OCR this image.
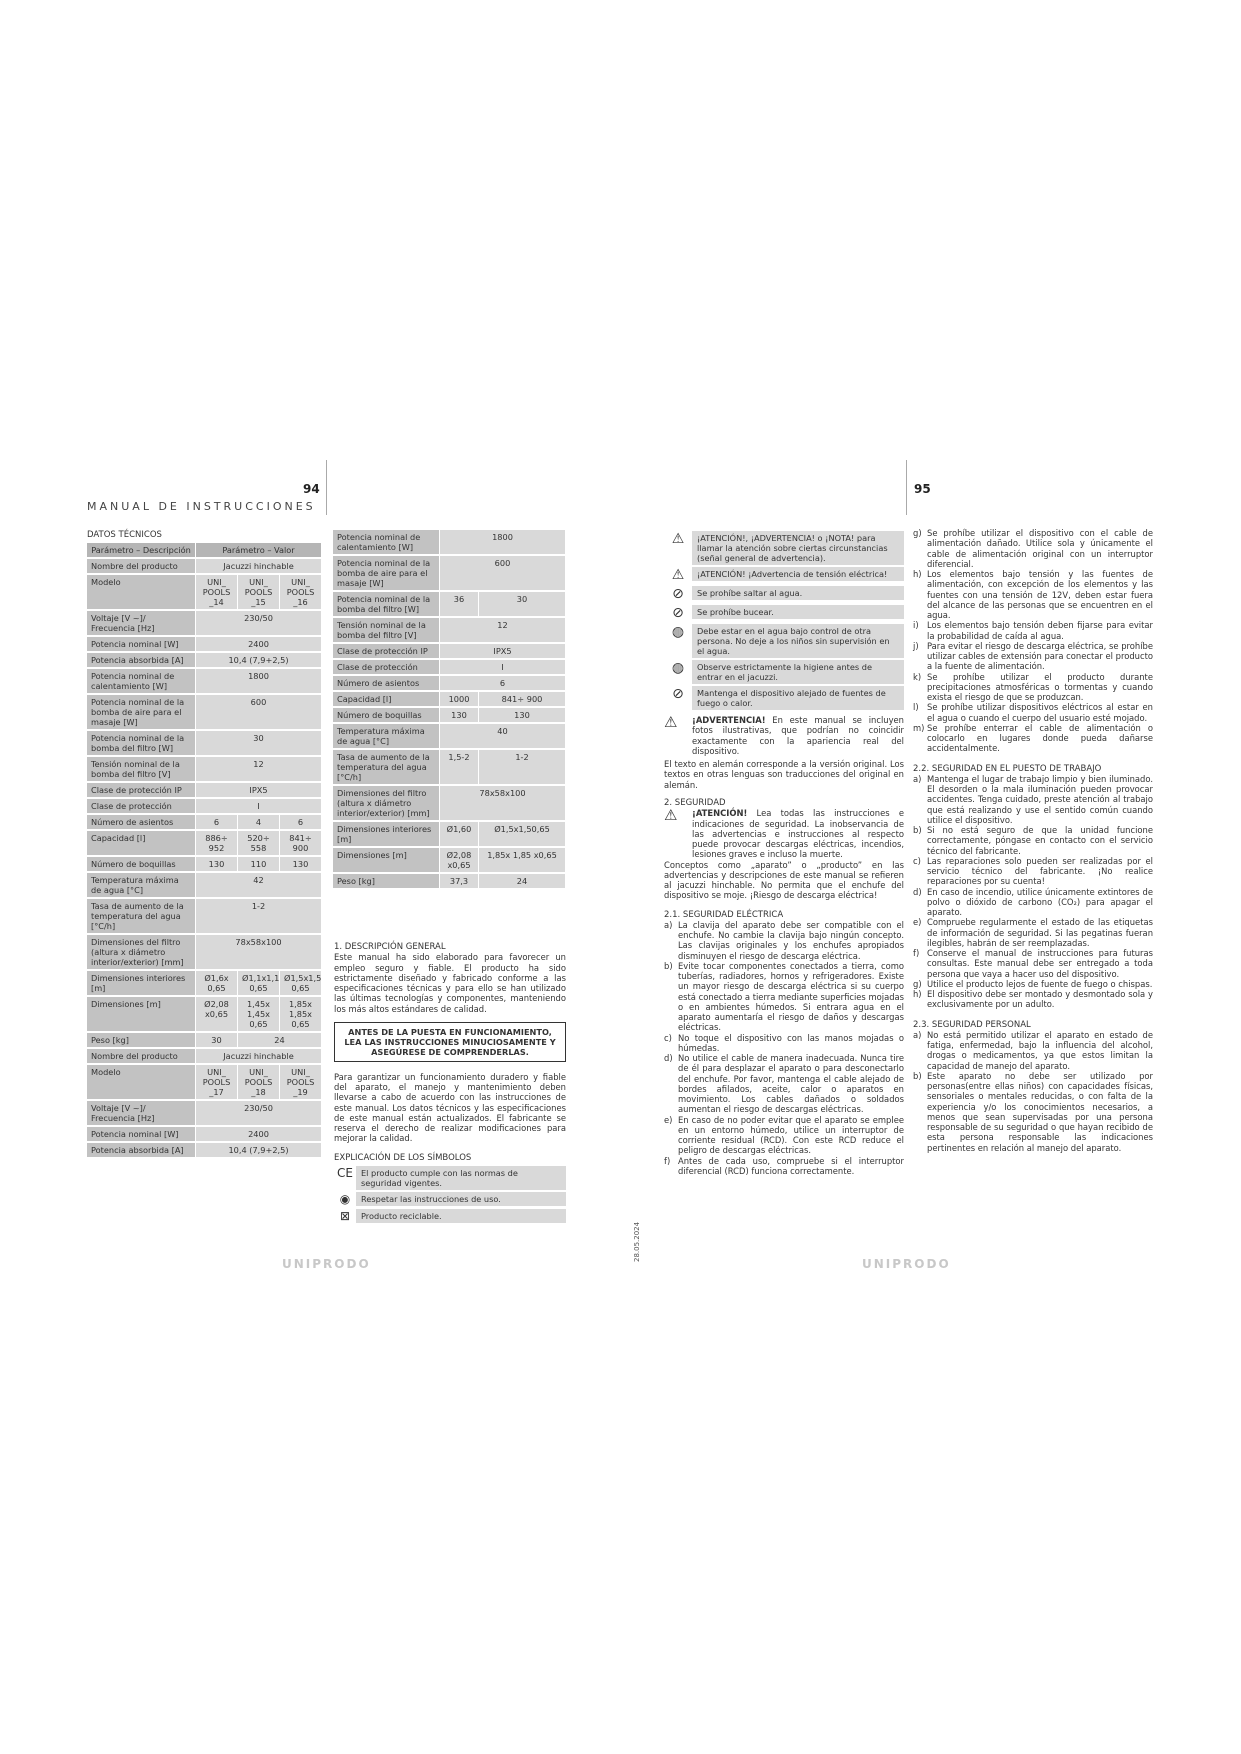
94
MANUAL DE INSTRUCCIONES
DATOS TÉCNICOS
Parámetro – Descripción	Parámetro – Valor		
Nombre del producto	Jacuzzi hinchable		
Modelo	UNI_ POOLS _14	UNI_ POOLS _15	UNI_ POOLS _16
Voltaje [V ~]/ Frecuencia [Hz]	230/50		
Potencia nominal [W]	2400		
Potencia absorbida [A]	10,4 (7,9+2,5)		
Potencia nominal de calentamiento [W]	1800		
Potencia nominal de la bomba de aire para el masaje [W]	600		
Potencia nominal de la bomba del filtro [W]	30		
Tensión nominal de la bomba del filtro [V]	12		
Clase de protección IP	IPX5		
Clase de protección	I		
Número de asientos	6	4	6
Capacidad [l]	886÷ 952	520÷ 558	841÷ 900
Número de boquillas	130	110	130
Temperatura máxima de agua [°C]	42		
Tasa de aumento de la temperatura del agua [°C/h]	1-2		
Dimensiones del filtro (altura x diámetro interior/exterior) [mm]	78x58x100		
Dimensiones interiores [m]	Ø1,6x 0,65	Ø1,1x1,1 0,65	Ø1,5x1,5 0,65
Dimensiones [m]	Ø2,08 x0,65	1,45x 1,45x 0,65	1,85x 1,85x 0,65
Peso [kg]	30	24	
Nombre del producto	Jacuzzi hinchable		
Modelo	UNI_ POOLS _17	UNI_ POOLS _18	UNI_ POOLS _19
Voltaje [V ~]/ Frecuencia [Hz]	230/50		
Potencia nominal [W]	2400		
Potencia absorbida [A]	10,4 (7,9+2,5)		
Potencia nominal de calentamiento [W]	1800	
Potencia nominal de la bomba de aire para el masaje [W]	600	
Potencia nominal de la bomba del filtro [W]	36	30
Tensión nominal de la bomba del filtro [V]	12	
Clase de protección IP	IPX5	
Clase de protección	I	
Número de asientos	6	
Capacidad [l]	1000	841÷ 900
Número de boquillas	130	130
Temperatura máxima de agua [°C]	40	
Tasa de aumento de la temperatura del agua [°C/h]	1,5-2	1-2
Dimensiones del filtro (altura x diámetro interior/exterior) [mm]	78x58x100	
Dimensiones interiores [m]	Ø1,60	Ø1,5x1,50,65
Dimensiones [m]	Ø2,08 x0,65	1,85x 1,85 x0,65
Peso [kg]	37,3	24
1. DESCRIPCIÓN GENERAL
Este manual ha sido elaborado para favorecer un empleo seguro y fiable. El producto ha sido estrictamente diseñado y fabricado conforme a las especificaciones técnicas y para ello se han utilizado las últimas tecnologías y componentes, manteniendo los más altos estándares de calidad.
ANTES DE LA PUESTA EN FUNCIONAMIENTO, LEA LAS INSTRUCCIONES MINUCIOSAMENTE Y ASEGÚRESE DE COMPRENDERLAS.
Para garantizar un funcionamiento duradero y fiable del aparato, el manejo y mantenimiento deben llevarse a cabo de acuerdo con las instrucciones de este manual. Los datos técnicos y las especificaciones de este manual están actualizados. El fabricante se reserva el derecho de realizar modificaciones para mejorar la calidad.
EXPLICACIÓN DE LOS SÍMBOLOS
CE El producto cumple con las normas de seguridad vigentes.
◉	Respetar las instrucciones de uso.
⊠	Producto reciclable.
UNIPRODO
95
28.05.2024
⚠	¡ATENCIÓN!, ¡ADVERTENCIA! o ¡NOTA! para llamar la atención sobre ciertas circunstancias (señal general de advertencia).
⚠	¡ATENCIÓN! ¡Advertencia de tensión eléctrica!
⊘	Se prohíbe saltar al agua.
⊘	Se prohíbe bucear.
◍	Debe estar en el agua bajo control de otra persona. No deje a los niños sin supervisión en el agua.
◍	Observe estrictamente la higiene antes de entrar en el jacuzzi.
⊘	Mantenga el dispositivo alejado de fuentes de fuego o calor.
⚠	¡ADVERTENCIA! En este manual se incluyen fotos ilustrativas, que podrían no coincidir exactamente con la apariencia real del dispositivo.
El texto en alemán corresponde a la versión original. Los textos en otras lenguas son traducciones del original en alemán.
2. SEGURIDAD
⚠	¡ATENCIÓN! Lea todas las instrucciones e indicaciones de seguridad. La inobservancia de las advertencias e instrucciones al respecto puede provocar descargas eléctricas, incendios, lesiones graves e incluso la muerte.
Conceptos como „aparato” o „producto” en las advertencias y descripciones de este manual se refieren al jacuzzi hinchable. No permita que el enchufe del dispositivo se moje. ¡Riesgo de descarga eléctrica!
2.1. SEGURIDAD ELÉCTRICA
a) La clavija del aparato debe ser compatible con el enchufe. No cambie la clavija bajo ningún concepto. Las clavijas originales y los enchufes apropiados disminuyen el riesgo de descarga eléctrica.
b) Evite tocar componentes conectados a tierra, como tuberías, radiadores, hornos y refrigeradores. Existe un mayor riesgo de descarga eléctrica si su cuerpo está conectado a tierra mediante superficies mojadas o en ambientes húmedos. Si entrara agua en el aparato aumentaría el riesgo de daños y descargas eléctricas.
c) No toque el dispositivo con las manos mojadas o húmedas.
d) No utilice el cable de manera inadecuada. Nunca tire de él para desplazar el aparato o para desconectarlo del enchufe. Por favor, mantenga el cable alejado de bordes afilados, aceite, calor o aparatos en movimiento. Los cables dañados o soldados aumentan el riesgo de descargas eléctricas.
e) En caso de no poder evitar que el aparato se emplee en un entorno húmedo, utilice un interruptor de corriente residual (RCD). Con este RCD reduce el peligro de descargas eléctricas.
f) Antes de cada uso, compruebe si el interruptor diferencial (RCD) funciona correctamente.
g) Se prohíbe utilizar el dispositivo con el cable de alimentación dañado. Utilice sola y únicamente el cable de alimentación original con un interruptor diferencial.
h) Los elementos bajo tensión y las fuentes de alimentación, con excepción de los elementos y las fuentes con una tensión de 12V, deben estar fuera del alcance de las personas que se encuentren en el agua.
i) Los elementos bajo tensión deben fijarse para evitar la probabilidad de caída al agua.
j) Para evitar el riesgo de descarga eléctrica, se prohíbe utilizar cables de extensión para conectar el producto a la fuente de alimentación.
k) Se prohíbe utilizar el producto durante precipitaciones atmosféricas o tormentas y cuando exista el riesgo de que se produzcan.
l) Se prohíbe utilizar dispositivos eléctricos al estar en el agua o cuando el cuerpo del usuario esté mojado.
m) Se prohíbe enterrar el cable de alimentación o colocarlo en lugares donde pueda dañarse accidentalmente.
2.2. SEGURIDAD EN EL PUESTO DE TRABAJO
a) Mantenga el lugar de trabajo limpio y bien iluminado. El desorden o la mala iluminación pueden provocar accidentes. Tenga cuidado, preste atención al trabajo que está realizando y use el sentido común cuando utilice el dispositivo.
b) Si no está seguro de que la unidad funcione correctamente, póngase en contacto con el servicio técnico del fabricante.
c) Las reparaciones solo pueden ser realizadas por el servicio técnico del fabricante. ¡No realice reparaciones por su cuenta!
d) En caso de incendio, utilice únicamente extintores de polvo o dióxido de carbono (CO₂) para apagar el aparato.
e) Compruebe regularmente el estado de las etiquetas de información de seguridad. Si las pegatinas fueran ilegibles, habrán de ser reemplazadas.
f) Conserve el manual de instrucciones para futuras consultas. Este manual debe ser entregado a toda persona que vaya a hacer uso del dispositivo.
g) Utilice el producto lejos de fuente de fuego o chispas.
h) El dispositivo debe ser montado y desmontado sola y exclusivamente por un adulto.
2.3. SEGURIDAD PERSONAL
a) No está permitido utilizar el aparato en estado de fatiga, enfermedad, bajo la influencia del alcohol, drogas o medicamentos, ya que estos limitan la capacidad de manejo del aparato.
b) Este aparato no debe ser utilizado por personas(entre ellas niños) con capacidades físicas, sensoriales o mentales reducidas, o con falta de la experiencia y/o los conocimientos necesarios, a menos que sean supervisadas por una persona responsable de su seguridad o que hayan recibido de esta persona responsable las indicaciones pertinentes en relación al manejo del aparato.
UNIPRODO
